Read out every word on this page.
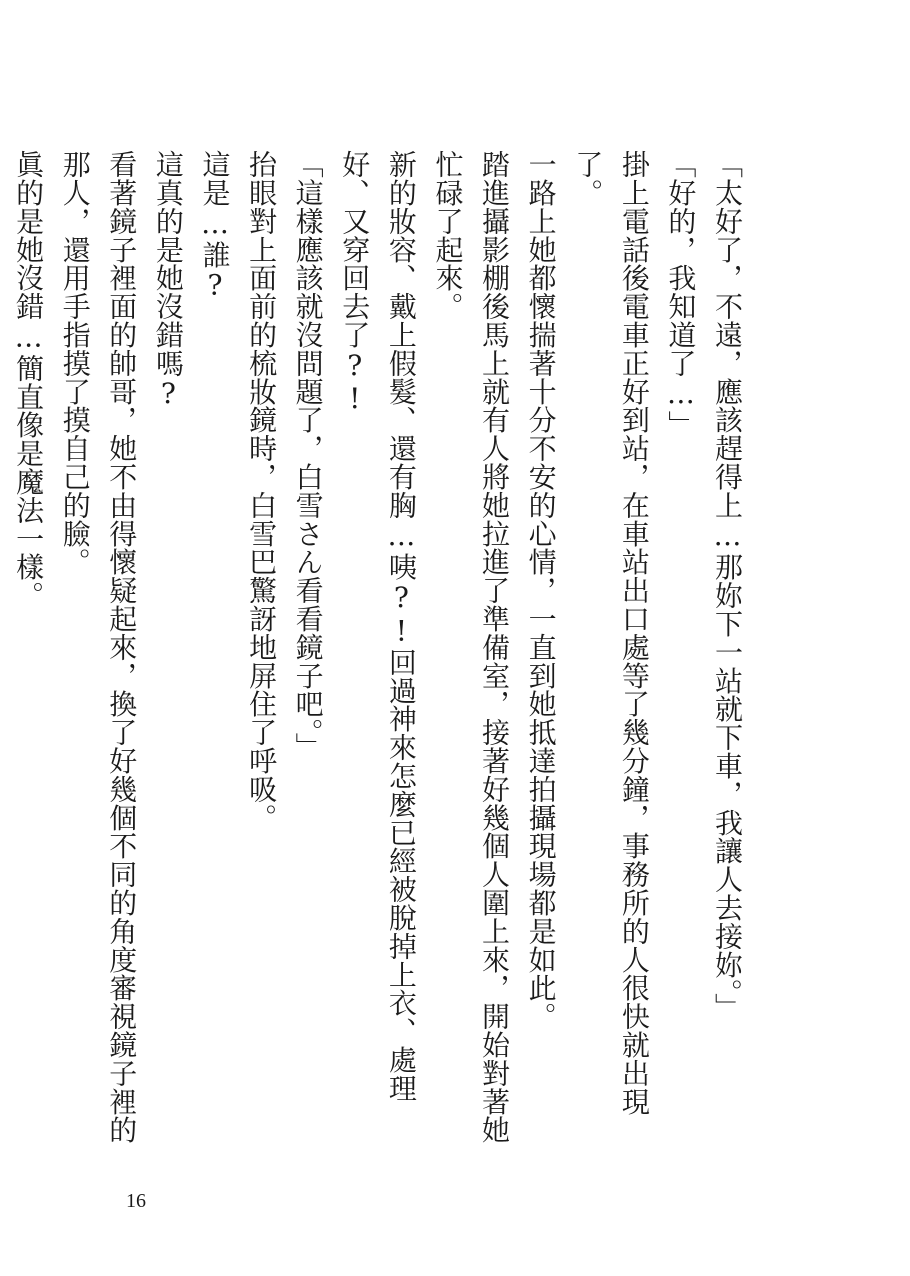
「太好了，不遠，應該趕得上…那妳下一站就下車，我讓人去接妳。」

「好的，我知道了…」

掛上電話後電車正好到站，在車站出口處等了幾分鐘，事務所的人很快就出現了。

一路上她都懷揣著十分不安的心情，一直到她抵達拍攝現場都是如此。

踏進攝影棚後馬上就有人將她拉進了準備室，接著好幾個人圍上來，開始對著她忙碌了起來。

新的妝容、戴上假髮、還有胸…咦?!回過神來怎麼已經被脫掉上衣、處理好、又穿回去了?!

「這樣應該就沒問題了，白雪さん看看鏡子吧。」

抬眼對上面前的梳妝鏡時，白雪巴驚訝地屏住了呼吸。

這是…誰?

這真的是她沒錯嗎?

看著鏡子裡面的帥哥，她不由得懷疑起來，換了好幾個不同的角度審視鏡子裡的那人，還用手指摸了摸自己的臉。

眞的是她沒錯…簡直像是魔法一樣。

16
